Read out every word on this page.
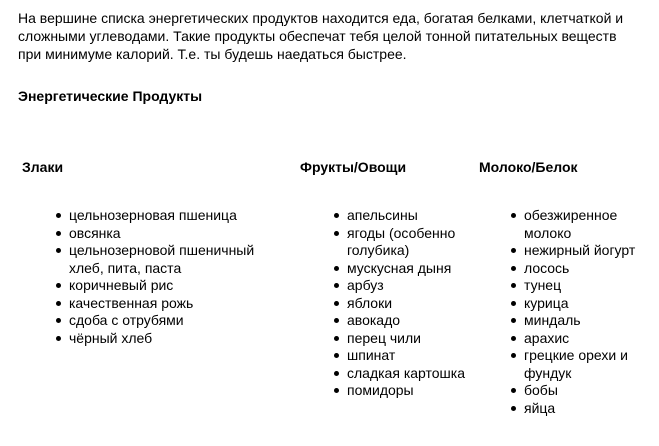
На вершине списка энергетических продуктов находится еда, богатая белками, клетчаткой и
сложными углеводами. Такие продукты обеспечат тебя целой тонной питательных веществ
при минимуме калорий. Т.е. ты будешь наедаться быстрее.
Энергетические Продукты
Злаки
цельнозерновая пшеница
овсянка
цельнозерновой пшеничный хлеб, пита, паста
коричневый рис
качественная рожь
сдоба с отрубями
чёрный хлеб
Фрукты/Овощи
апельсины
ягоды (особенно голубика)
мускусная дыня
арбуз
яблоки
авокадо
перец чили
шпинат
сладкая картошка
помидоры
Молоко/Белок
обезжиренное молоко
нежирный йогурт
лосось
тунец
курица
миндаль
арахис
грецкие орехи и фундук
бобы
яйца
